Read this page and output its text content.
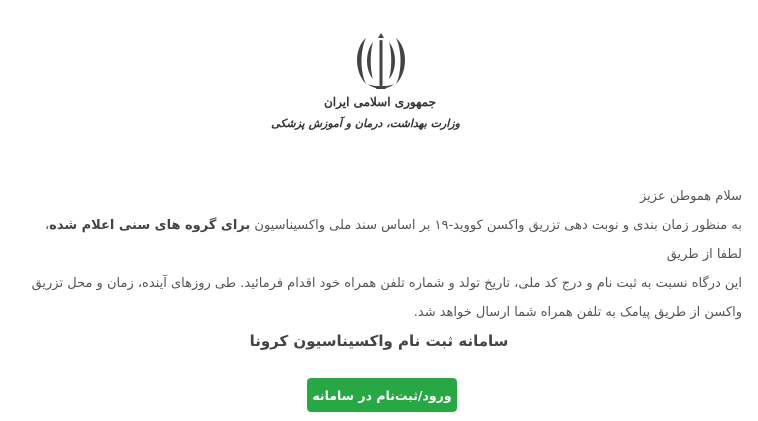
جمهوری اسلامی ایران
وزارت بهداشت، درمان و آموزش پزشکی

سلام هموطن عزیز

به منظور زمان بندی و نوبت دهی تزریق واکسن کووید-۱۹ بر اساس سند ملی واکسیناسیون برای گروه های سنی اعلام شده، لطفا از طریق

این درگاه نسبت به ثبت نام و درج کد ملی، تاریخ تولد و شماره تلفن همراه خود اقدام فرمائید. طی روزهای آینده، زمان و محل تزریق

واکسن از طریق پیامک به تلفن همراه شما ارسال خواهد شد.

سامانه ثبت نام واکسیناسیون کرونا
ورود/ثبت‌نام در سامانه
